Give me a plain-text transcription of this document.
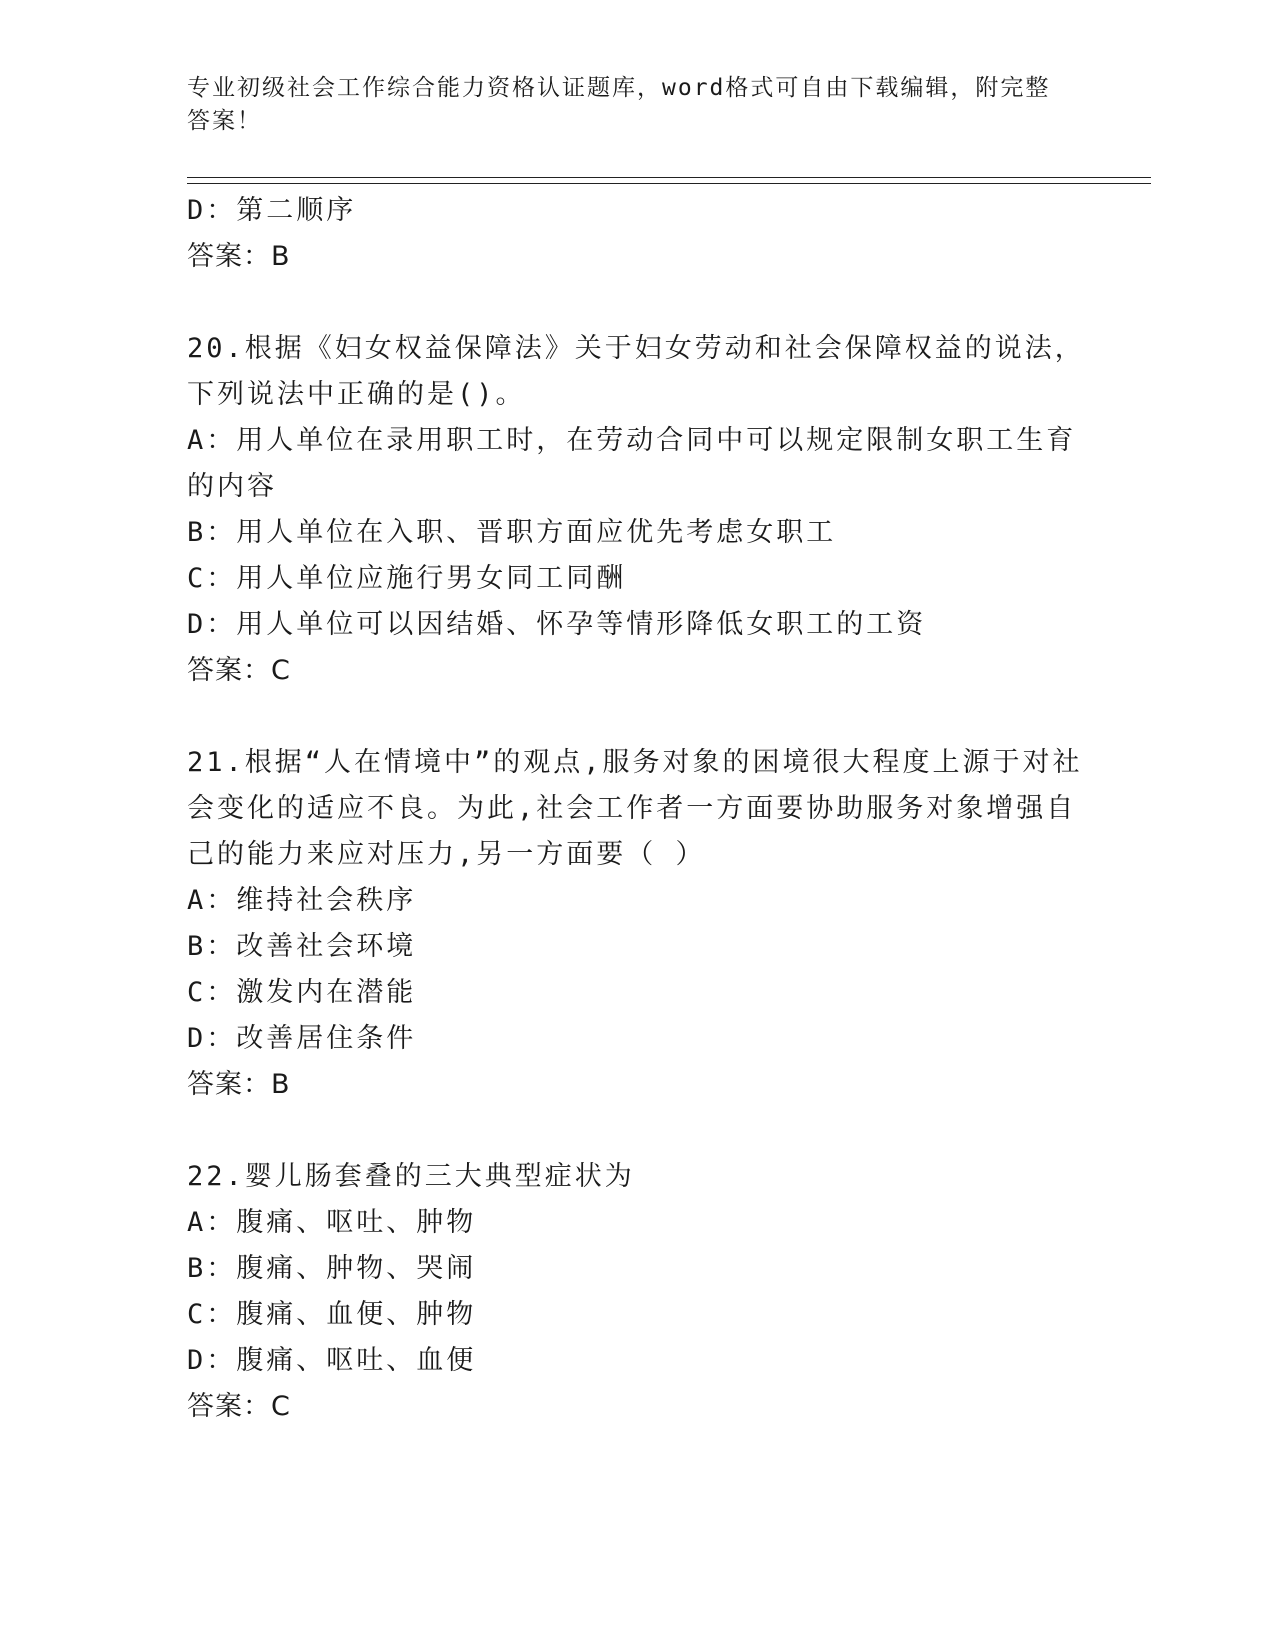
专业初级社会工作综合能力资格认证题库，word格式可自由下载编辑，附完整答案！
D：第二顺序
答案：B
20.根据《妇女权益保障法》关于妇女劳动和社会保障权益的说法，下列说法中正确的是()。
A：用人单位在录用职工时，在劳动合同中可以规定限制女职工生育的内容
B：用人单位在入职、晋职方面应优先考虑女职工
C：用人单位应施行男女同工同酬
D：用人单位可以因结婚、怀孕等情形降低女职工的工资
答案：C
21.根据“人在情境中”的观点,服务对象的困境很大程度上源于对社会变化的适应不良。为此,社会工作者一方面要协助服务对象增强自己的能力来应对压力,另一方面要（ ）
A：维持社会秩序
B：改善社会环境
C：激发内在潜能
D：改善居住条件
答案：B
22.婴儿肠套叠的三大典型症状为
A：腹痛、呕吐、肿物
B：腹痛、肿物、哭闹
C：腹痛、血便、肿物
D：腹痛、呕吐、血便
答案：C
